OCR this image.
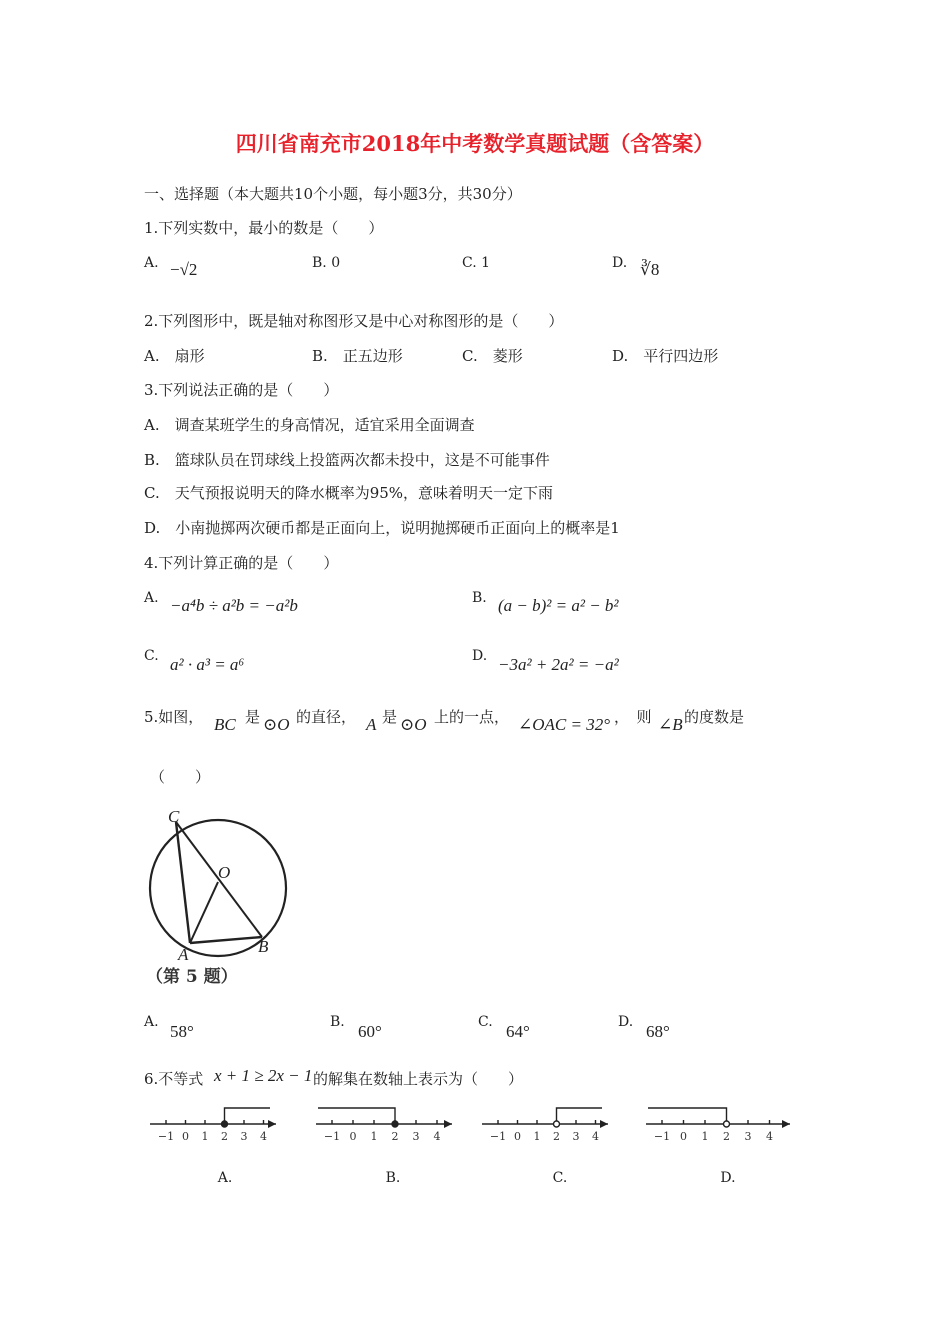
四川省南充市2018年中考数学真题试题（含答案）
一、选择题（本大题共10个小题，每小题3分，共30分）
1.下列实数中，最小的数是（　　）
A. −√2	B. 0	C. 1	D. ∛8
2.下列图形中，既是轴对称图形又是中心对称图形的是（　　）
A.　扇形	B.　正五边形	C.　菱形	D.　平行四边形
3.下列说法正确的是（　　）
A.　调查某班学生的身高情况，适宜采用全面调查
B.　篮球队员在罚球线上投篮两次都未投中，这是不可能事件
C.　天气预报说明天的降水概率为95%，意味着明天一定下雨
D.　小南抛掷两次硬币都是正面向上，说明抛掷硬币正面向上的概率是1
4.下列计算正确的是（　　）
A. −a⁴b ÷ a²b = −a²b	B. (a − b)² = a² − b²
C. a² · a³ = a⁶	D. −3a² + 2a² = −a²
5.如图， BC 是 ⊙O 的直径， A 是 ⊙O 上的一点， ∠OAC = 32° ，　则 ∠B 的度数是
（　　）
C
O
A	B
（第 5 题）
A. 58°	B. 60°	C. 64°	D. 68°
6.不等式 x + 1 ≥ 2x − 1 的解集在数轴上表示为（　　）
−1 0 1 2 3 4
A.
−1 0 1 2 3 4
B.
−1 0 1 2 3 4
C.
−1 0 1 2 3 4
D.
